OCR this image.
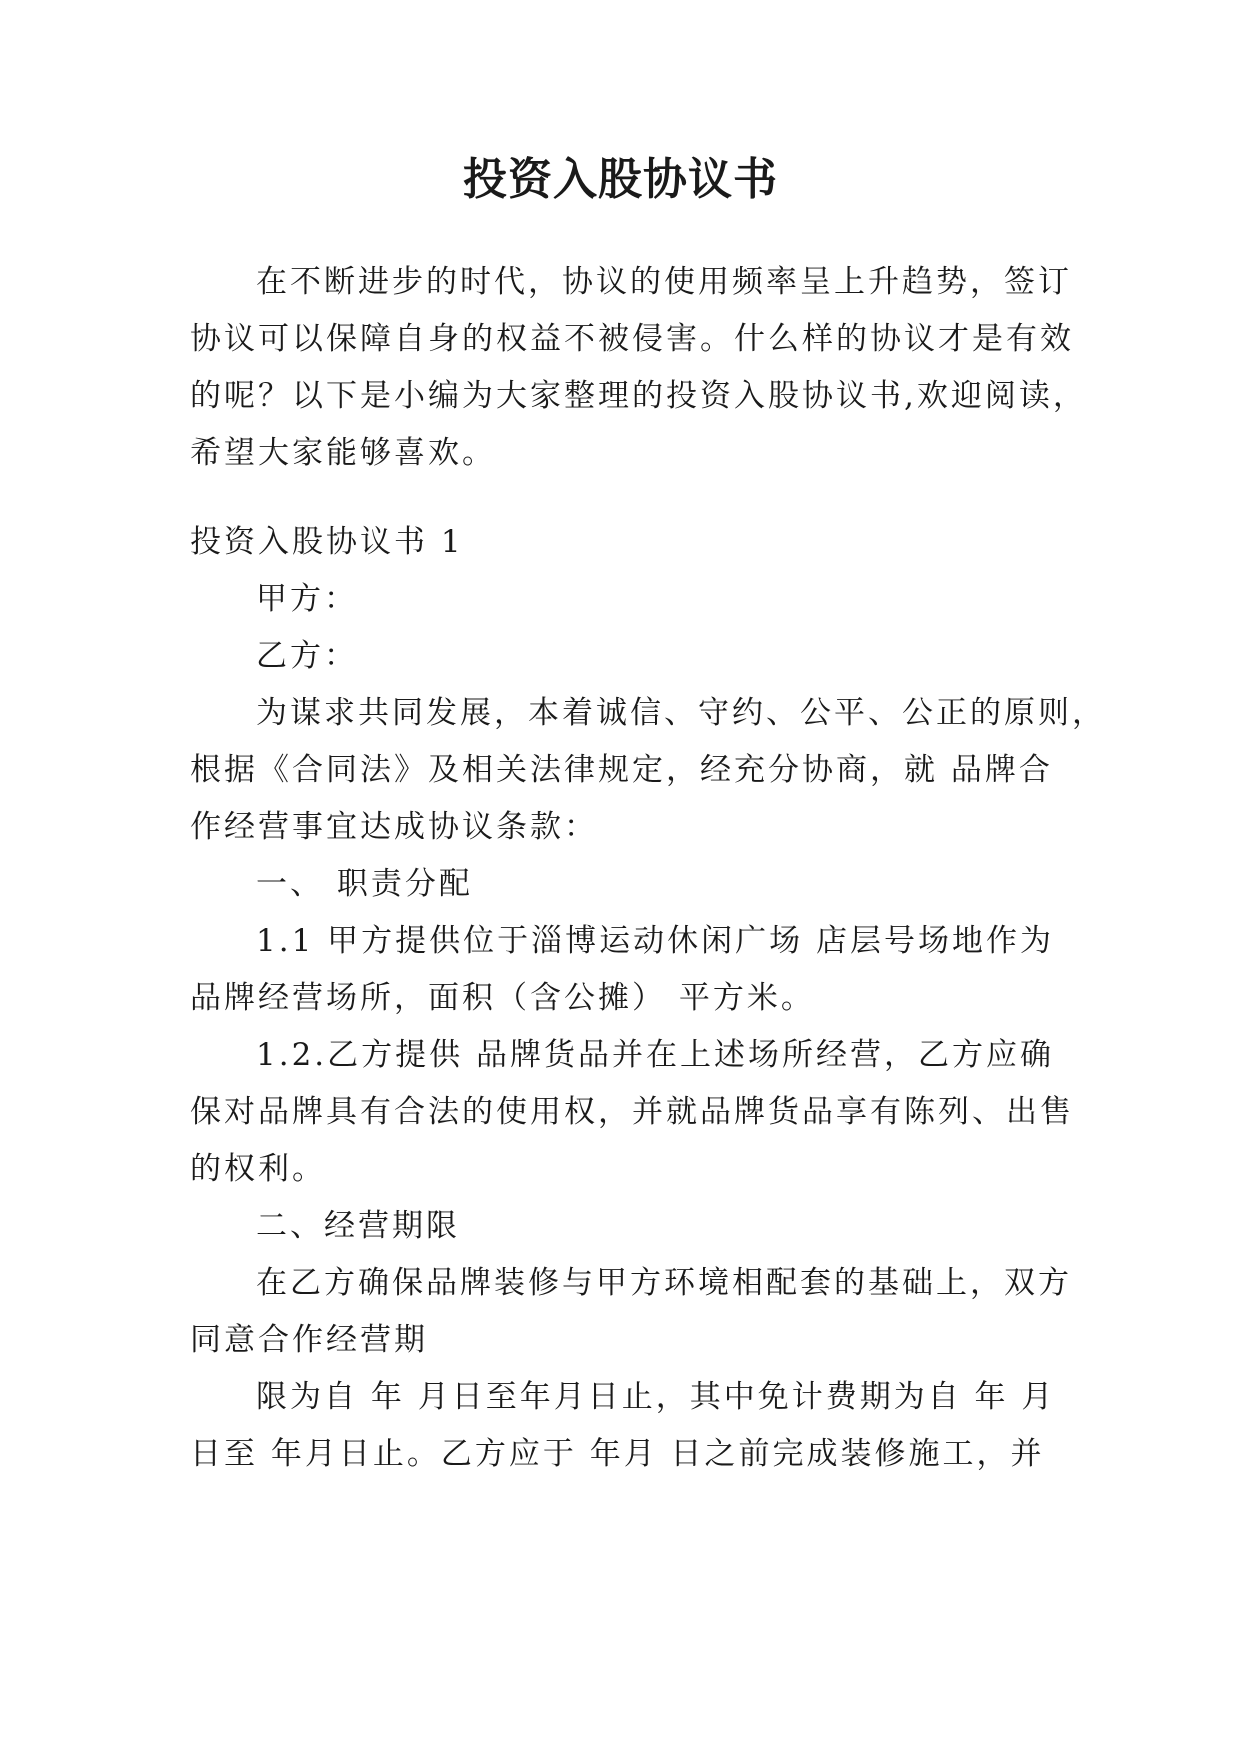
投资入股协议书
在不断进步的时代，协议的使用频率呈上升趋势，签订
协议可以保障自身的权益不被侵害。什么样的协议才是有效
的呢？以下是小编为大家整理的投资入股协议书,欢迎阅读，
希望大家能够喜欢。
投资入股协议书 1
甲方：
乙方：
为谋求共同发展，本着诚信、守约、公平、公正的原则，
根据《合同法》及相关法律规定，经充分协商，就 品牌合
作经营事宜达成协议条款：
一、 职责分配
1.1 甲方提供位于淄博运动休闲广场 店层号场地作为
品牌经营场所，面积（含公摊） 平方米。
1.2.乙方提供 品牌货品并在上述场所经营，乙方应确
保对品牌具有合法的使用权，并就品牌货品享有陈列、出售
的权利。
二、经营期限
在乙方确保品牌装修与甲方环境相配套的基础上，双方
同意合作经营期
限为自 年 月日至年月日止，其中免计费期为自 年 月
日至 年月日止。乙方应于 年月 日之前完成装修施工，并
